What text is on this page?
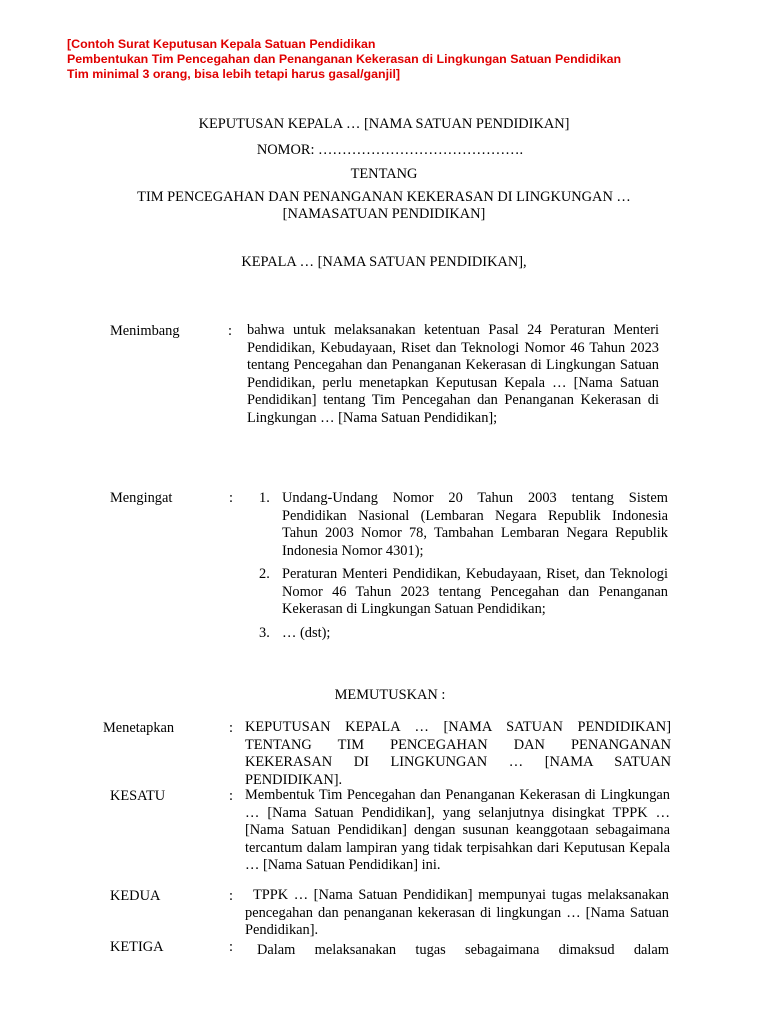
[Contoh Surat Keputusan Kepala Satuan Pendidikan
Pembentukan Tim Pencegahan dan Penanganan Kekerasan di Lingkungan Satuan Pendidikan
Tim minimal 3 orang, bisa lebih tetapi harus gasal/ganjil]
KEPUTUSAN KEPALA … [NAMA SATUAN PENDIDIKAN]
NOMOR: …………………………………….
TENTANG
TIM PENCEGAHAN DAN PENANGANAN KEKERASAN DI LINGKUNGAN …
[NAMASATUAN PENDIDIKAN]
KEPALA … [NAMA SATUAN PENDIDIKAN],
Menimbang	: bahwa untuk melaksanakan ketentuan Pasal 24 Peraturan Menteri Pendidikan, Kebudayaan, Riset dan Teknologi Nomor 46 Tahun 2023 tentang Pencegahan dan Penanganan Kekerasan di Lingkungan Satuan Pendidikan, perlu menetapkan Keputusan Kepala … [Nama Satuan Pendidikan] tentang Tim Pencegahan dan Penanganan Kekerasan di Lingkungan … [Nama Satuan Pendidikan];
Mengingat	: 1. Undang-Undang Nomor 20 Tahun 2003 tentang Sistem Pendidikan Nasional (Lembaran Negara Republik Indonesia Tahun 2003 Nomor 78, Tambahan Lembaran Negara Republik Indonesia Nomor 4301);
2. Peraturan Menteri Pendidikan, Kebudayaan, Riset, dan Teknologi Nomor 46 Tahun 2023 tentang Pencegahan dan Penanganan Kekerasan di Lingkungan Satuan Pendidikan;
3. … (dst);
MEMUTUSKAN :
Menetapkan	: KEPUTUSAN KEPALA … [NAMA SATUAN PENDIDIKAN] TENTANG TIM PENCEGAHAN DAN PENANGANAN KEKERASAN DI LINGKUNGAN … [NAMA SATUAN PENDIDIKAN].
KESATU	: Membentuk Tim Pencegahan dan Penanganan Kekerasan di Lingkungan … [Nama Satuan Pendidikan], yang selanjutnya disingkat TPPK … [Nama Satuan Pendidikan] dengan susunan keanggotaan sebagaimana tercantum dalam lampiran yang tidak terpisahkan dari Keputusan Kepala … [Nama Satuan Pendidikan] ini.
KEDUA	:	TPPK … [Nama Satuan Pendidikan] mempunyai tugas melaksanakan pencegahan dan penanganan kekerasan di lingkungan … [Nama Satuan Pendidikan].
KETIGA	:	Dalam melaksanakan tugas sebagaimana dimaksud dalam
